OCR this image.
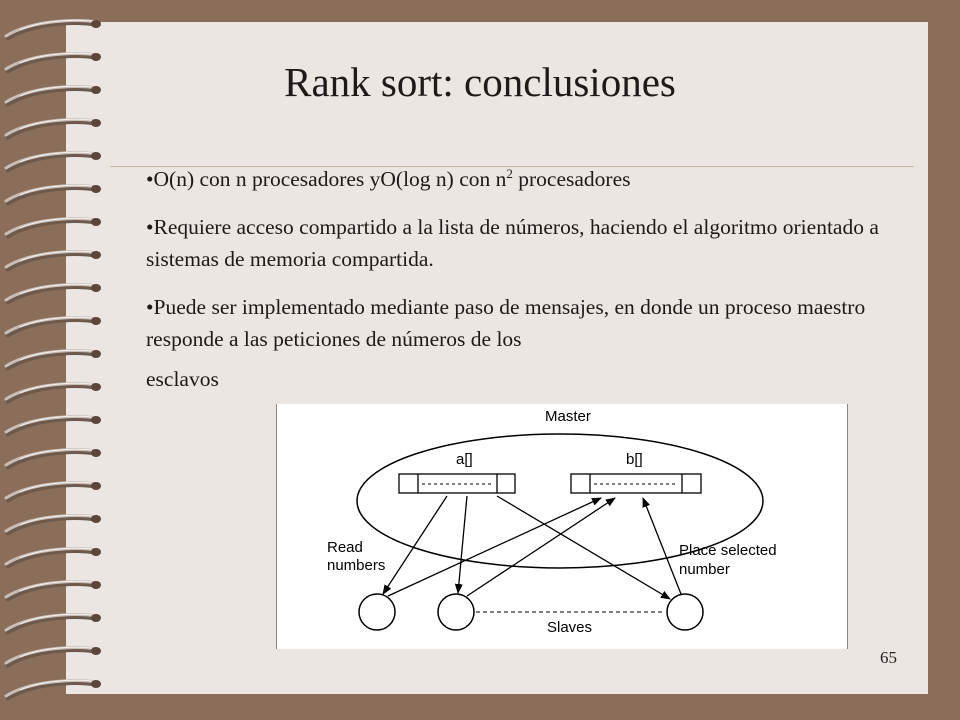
Rank sort: conclusiones
•O(n) con n procesadores yO(log n) con $n^2$ procesadores
•Requiere acceso compartido a la lista de números, haciendo el algoritmo orientado a sistemas de memoria compartida.
•Puede ser implementado mediante paso de mensajes, en donde un proceso maestro responde a las peticiones de números de los
esclavos
Master
a[]	b[]
Read
numbers
Place selected
number
Slaves
65
